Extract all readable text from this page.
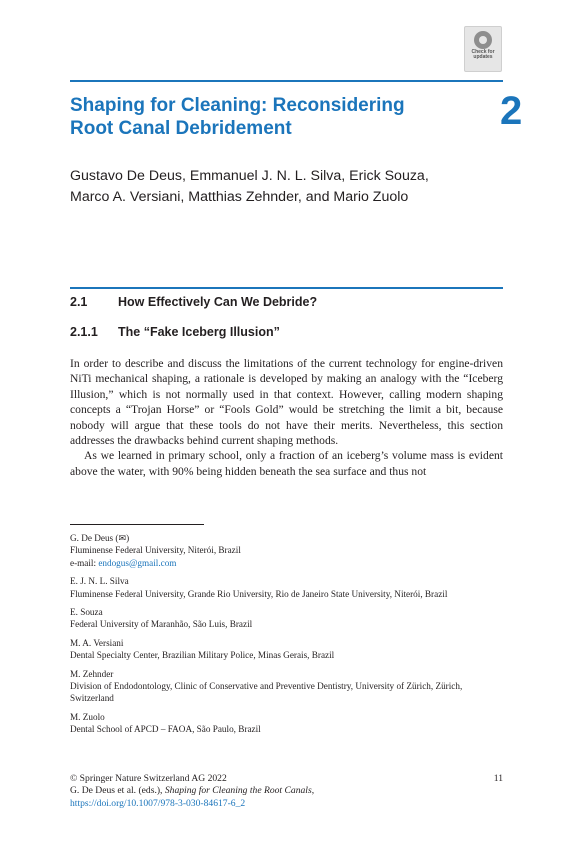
Check for
updates
Shaping for Cleaning: Reconsidering Root Canal Debridement	2
Gustavo De Deus, Emmanuel J. N. L. Silva, Erick Souza,
Marco A. Versiani, Matthias Zehnder, and Mario Zuolo
2.1 How Effectively Can We Debride?
2.1.1 The “Fake Iceberg Illusion”

In order to describe and discuss the limitations of the current technology for engine-driven NiTi mechanical shaping, a rationale is developed by making an analogy with the “Iceberg Illusion,” which is not normally used in that context. However, calling modern shaping concepts a “Trojan Horse” or “Fools Gold” would be stretching the limit a bit, because nobody will argue that these tools do not have their merits. Nevertheless, this section addresses the drawbacks behind current shaping methods.

As we learned in primary school, only a fraction of an iceberg’s volume mass is evident above the water, with 90% being hidden beneath the sea surface and thus not

G. De Deus (✉)
Fluminense Federal University, Niterói, Brazil
e-mail: endogus@gmail.com
E. J. N. L. Silva
Fluminense Federal University, Grande Rio University, Rio de Janeiro State University, Niterói, Brazil
E. Souza
Federal University of Maranhão, São Luis, Brazil
M. A. Versiani
Dental Specialty Center, Brazilian Military Police, Minas Gerais, Brazil
M. Zehnder
Division of Endodontology, Clinic of Conservative and Preventive Dentistry, University of Zürich, Zürich, Switzerland
M. Zuolo
Dental School of APCD – FAOA, São Paulo, Brazil
© Springer Nature Switzerland AG 2022	11
G. De Deus et al. (eds.), Shaping for Cleaning the Root Canals,
https://doi.org/10.1007/978-3-030-84617-6_2
